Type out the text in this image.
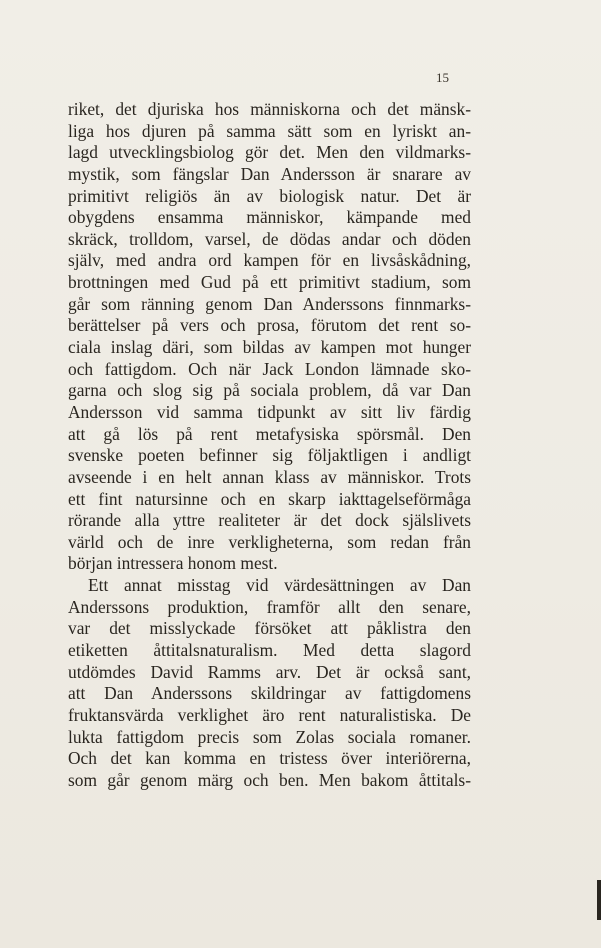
15
riket, det djuriska hos människorna och det mänsk-
liga hos djuren på samma sätt som en lyriskt an-
lagd utvecklingsbiolog gör det. Men den vildmarks-
mystik, som fängslar Dan Andersson är snarare av
primitivt religiös än av biologisk natur. Det är
obygdens ensamma människor, kämpande med
skräck, trolldom, varsel, de dödas andar och döden
själv, med andra ord kampen för en livsåskådning,
brottningen med Gud på ett primitivt stadium, som
går som ränning genom Dan Anderssons finnmarks-
berättelser på vers och prosa, förutom det rent so-
ciala inslag däri, som bildas av kampen mot hunger
och fattigdom. Och när Jack London lämnade sko-
garna och slog sig på sociala problem, då var Dan
Andersson vid samma tidpunkt av sitt liv färdig
att gå lös på rent metafysiska spörsmål. Den
svenske poeten befinner sig följaktligen i andligt
avseende i en helt annan klass av människor. Trots
ett fint natursinne och en skarp iakttagelseförmåga
rörande alla yttre realiteter är det dock själslivets
värld och de inre verkligheterna, som redan från
början intressera honom mest.
Ett annat misstag vid värdesättningen av Dan
Anderssons produktion, framför allt den senare,
var det misslyckade försöket att påklistra den
etiketten åttitalsnaturalism. Med detta slagord
utdömdes David Ramms arv. Det är också sant,
att Dan Anderssons skildringar av fattigdomens
fruktansvärda verklighet äro rent naturalistiska. De
lukta fattigdom precis som Zolas sociala romaner.
Och det kan komma en tristess över interiörerna,
som går genom märg och ben. Men bakom åttitals-
